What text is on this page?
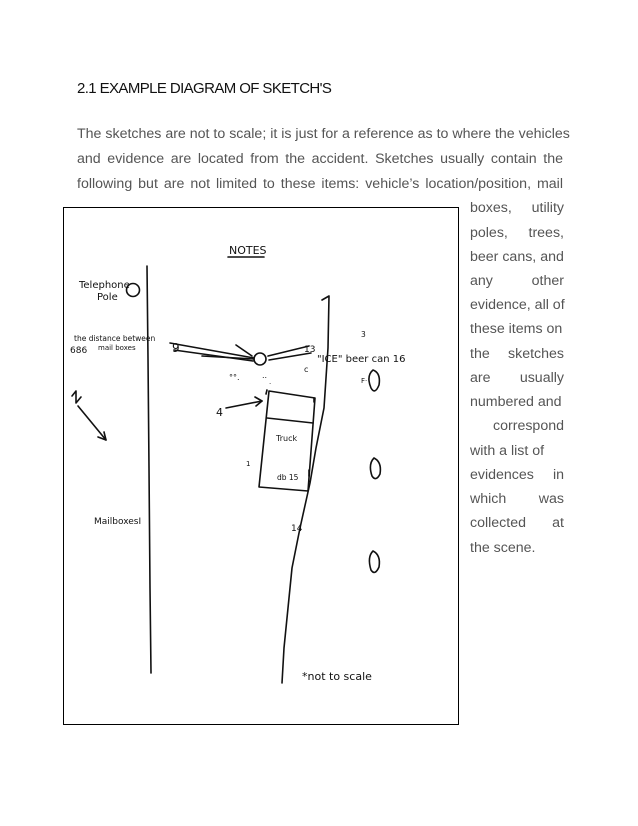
2.1 EXAMPLE DIAGRAM OF SKETCH'S
The sketches are not to scale; it is just for a reference as to where the vehicles
and evidence are located from the accident. Sketches usually contain the
following but are not limited to these items: vehicle’s location/position, mail
boxes, utility
poles, trees,
beer cans, and
any other
evidence, all of
these items on
the sketches
are usually
numbered and
correspond
with a list of
evidences in
which was
collected at
the scene.
NOTES
Telephone
Pole
the distance between
686 mail boxes
MailboxesI
9	13
°°.	..
.
c
4
Truck
db 15
1
3
"ICE" beer can 16
F·
14
*not to scale
